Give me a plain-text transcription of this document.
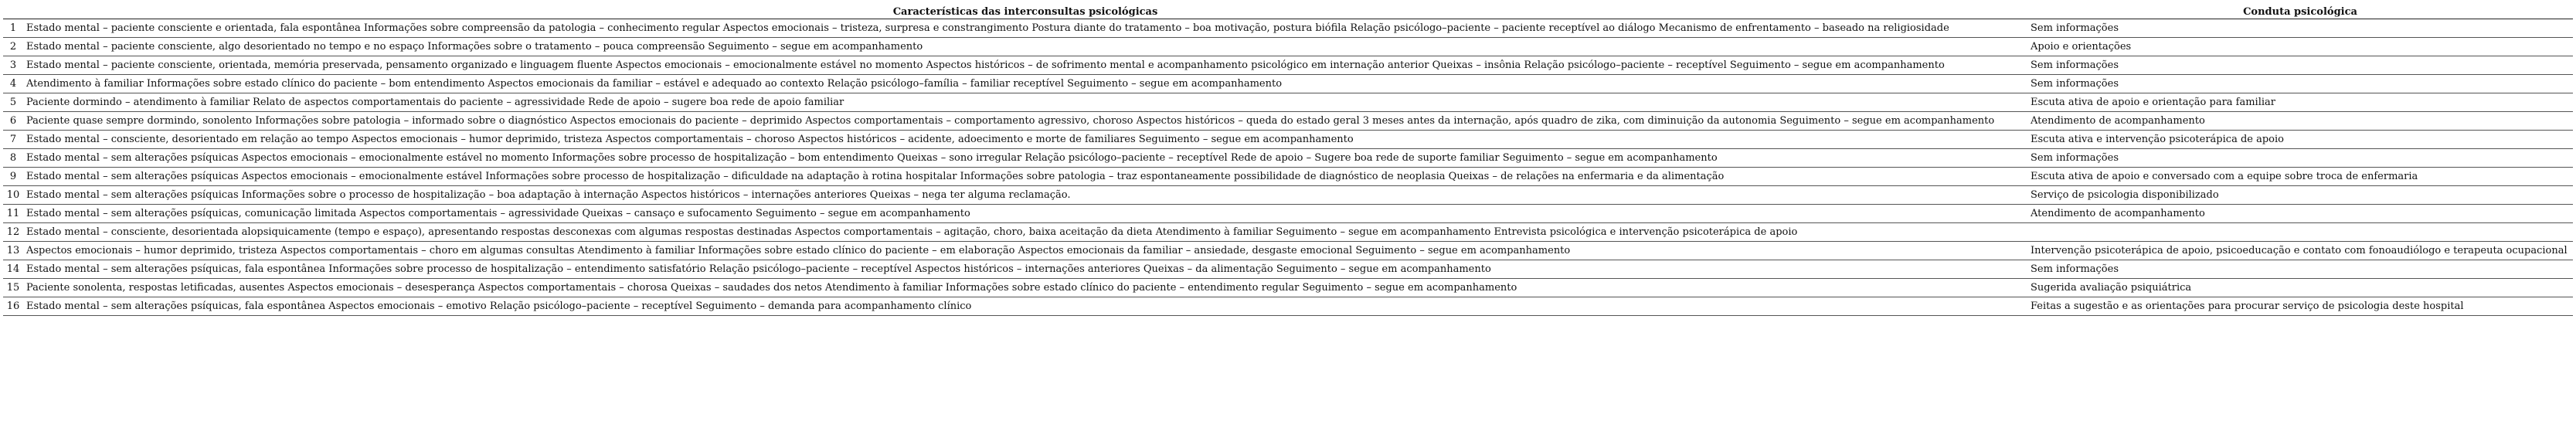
	Características das interconsultas psicológicas	Conduta psicológica
1	Estado mental – paciente consciente e orientada, fala espontânea Informações sobre compreensão da patologia – conhecimento regular Aspectos emocionais – tristeza, surpresa e constrangimento Postura diante do tratamento – boa motivação, postura biófila Relação psicólogo–paciente – paciente receptível ao diálogo Mecanismo de enfrentamento – baseado na religiosidade	Sem informações
2	Estado mental – paciente consciente, algo desorientado no tempo e no espaço Informações sobre o tratamento – pouca compreensão Seguimento – segue em acompanhamento	Apoio e orientações
3	Estado mental – paciente consciente, orientada, memória preservada, pensamento organizado e linguagem fluente Aspectos emocionais – emocionalmente estável no momento Aspectos históricos – de sofrimento mental e acompanhamento psicológico em internação anterior Queixas – insônia Relação psicólogo–paciente – receptível Seguimento – segue em acompanhamento	Sem informações
4	Atendimento à familiar Informações sobre estado clínico do paciente – bom entendimento Aspectos emocionais da familiar – estável e adequado ao contexto Relação psicólogo–família – familiar receptível Seguimento – segue em acompanhamento	Sem informações
5	Paciente dormindo – atendimento à familiar Relato de aspectos comportamentais do paciente – agressividade Rede de apoio – sugere boa rede de apoio familiar	Escuta ativa de apoio e orientação para familiar
6	Paciente quase sempre dormindo, sonolento Informações sobre patologia – informado sobre o diagnóstico Aspectos emocionais do paciente – deprimido Aspectos comportamentais – comportamento agressivo, choroso Aspectos históricos – queda do estado geral 3 meses antes da internação, após quadro de zika, com diminuição da autonomia Seguimento – segue em acompanhamento	Atendimento de acompanhamento
7	Estado mental – consciente, desorientado em relação ao tempo Aspectos emocionais – humor deprimido, tristeza Aspectos comportamentais – choroso Aspectos históricos – acidente, adoecimento e morte de familiares Seguimento – segue em acompanhamento	Escuta ativa e intervenção psicoterápica de apoio
8	Estado mental – sem alterações psíquicas Aspectos emocionais – emocionalmente estável no momento Informações sobre processo de hospitalização – bom entendimento Queixas – sono irregular Relação psicólogo–paciente – receptível Rede de apoio – Sugere boa rede de suporte familiar Seguimento – segue em acompanhamento	Sem informações
9	Estado mental – sem alterações psíquicas Aspectos emocionais – emocionalmente estável Informações sobre processo de hospitalização – dificuldade na adaptação à rotina hospitalar Informações sobre patologia – traz espontaneamente possibilidade de diagnóstico de neoplasia Queixas – de relações na enfermaria e da alimentação	Escuta ativa de apoio e conversado com a equipe sobre troca de enfermaria
10	Estado mental – sem alterações psíquicas Informações sobre o processo de hospitalização – boa adaptação à internação Aspectos históricos – internações anteriores Queixas – nega ter alguma reclamação.	Serviço de psicologia disponibilizado
11	Estado mental – sem alterações psíquicas, comunicação limitada Aspectos comportamentais – agressividade Queixas – cansaço e sufocamento Seguimento – segue em acompanhamento	Atendimento de acompanhamento
12	Estado mental – consciente, desorientada alopsiquicamente (tempo e espaço), apresentando respostas desconexas com algumas respostas destinadas Aspectos comportamentais – agitação, choro, baixa aceitação da dieta Atendimento à familiar Seguimento – segue em acompanhamento Entrevista psicológica e intervenção psicoterápica de apoio	
13	Aspectos emocionais – humor deprimido, tristeza Aspectos comportamentais – choro em algumas consultas Atendimento à familiar Informações sobre estado clínico do paciente – em elaboração Aspectos emocionais da familiar – ansiedade, desgaste emocional Seguimento – segue em acompanhamento	Intervenção psicoterápica de apoio, psicoeducação e contato com fonoaudiólogo e terapeuta ocupacional
14	Estado mental – sem alterações psíquicas, fala espontânea Informações sobre processo de hospitalização – entendimento satisfatório Relação psicólogo–paciente – receptível Aspectos históricos – internações anteriores Queixas – da alimentação Seguimento – segue em acompanhamento	Sem informações
15	Paciente sonolenta, respostas letificadas, ausentes Aspectos emocionais – desesperança Aspectos comportamentais – chorosa Queixas – saudades dos netos Atendimento à familiar Informações sobre estado clínico do paciente – entendimento regular Seguimento – segue em acompanhamento	Sugerida avaliação psiquiátrica
16	Estado mental – sem alterações psíquicas, fala espontânea Aspectos emocionais – emotivo Relação psicólogo–paciente – receptível Seguimento – demanda para acompanhamento clínico	Feitas a sugestão e as orientações para procurar serviço de psicologia deste hospital
